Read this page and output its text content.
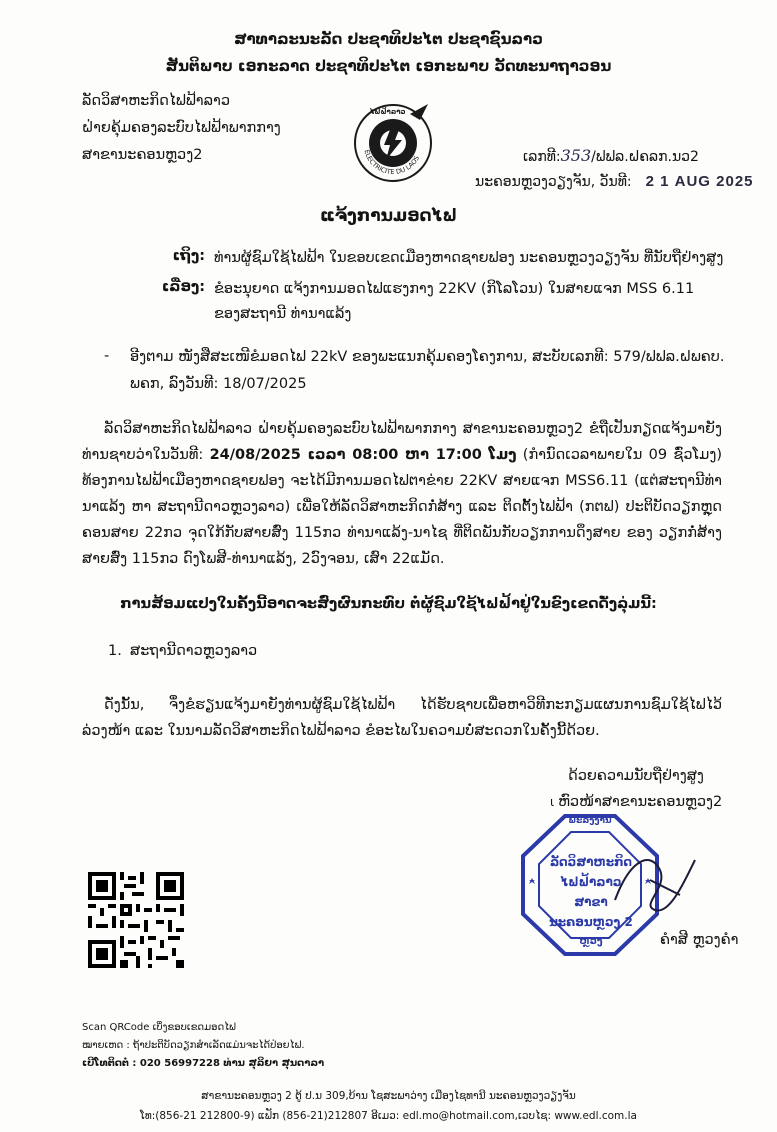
ສາທາລະນະລັດ ປະຊາທິປະໄຕ ປະຊາຊົນລາວ
ສັນຕິພາບ ເອກະລາດ ປະຊາທິປະໄຕ ເອກະພາບ ວັດທະນາຖາວອນ
ລັດວິສາຫະກິດໄຟຟ້າລາວ
ຝ່າຍຄຸ້ມຄອງລະບົບໄຟຟ້າພາກກາງ
ສາຂານະຄອນຫຼວງ2	ELECTRICITE DU LAOS
ໄຟຟ້າລາວ
ເລກທີ:353/ຟຟລ.ຝຄລກ.ນວ2
ນະຄອນຫຼວງວຽງຈັນ, ວັນທີ: 2 1 AUG 2025
ແຈ້ງການມອດໄຟ
ເຖິງ: ທ່ານຜູ້ຊົມໃຊ້ໄຟຟ້າ ໃນຂອບເຂດເມືອງຫາດຊາຍຟອງ ນະຄອນຫຼວງວຽງຈັນ ທີ່ນັບຖືຢ່າງສູງ
ເລື່ອງ: ຂໍອະນຸຍາດ ແຈ້ງການມອດໄຟແຮງກາງ 22KV (ກິໂລໂວນ) ໃນສາຍແຈກ MSS 6.11
ຂອງສະຖານີ ທ່ານາແລ້ງ
- ອີງຕາມ ໜັງສືສະເໜີຂໍມອດໄຟ 22kV ຂອງພະແນກຄຸ້ມຄອງໂຄງການ, ສະບັບເລກທີ: 579/ຟຟລ.ຝພຄບ.
ພຄກ, ລົງວັນທີ: 18/07/2025
ລັດວິສາຫະກິດໄຟຟ້າລາວ ຝ່າຍຄຸ້ມຄອງລະບົບໄຟຟ້າພາກກາງ ສາຂານະຄອນຫຼວງ2 ຂໍຖືເປັນກຽດແຈ້ງມາຍັງ ທ່ານຊາບວ່າໃນວັນທີ: 24/08/2025 ເວລາ 08:00 ຫາ 17:00 ໂມງ (ກຳນົດເວລາພາຍໃນ 09 ຊົ່ວໂມງ) ທ້ອງການໄຟຟ້າເມືອງຫາດຊາຍຟອງ ຈະໄດ້ມີການມອດໄຟຕາຂ່າຍ 22KV ສາຍແຈກ MSS6.11 (ແຕ່ສະຖານີທ່ານາແລ້ງ ຫາ ສະຖານີດາວຫຼວງລາວ) ເພື່ອໃຫ້ລັດວິສາຫະກິດກໍ່ສ້າງ ແລະ ຕິດຕັ້ງໄຟຟ້າ (ກຕຟ) ປະຕິບັດວຽກຫຼຸດຄອນສາຍ 22ກວ ຈຸດໃກ້ກັບສາຍສົ່ງ 115ກວ ທ່ານາແລ້ງ-ນາໄຊ ທີ່ຕິດພັນກັບວຽກການດຶງສາຍ ຂອງ ວຽກກໍ່ສ້າງສາຍສົ່ງ 115ກວ ດົງໂພສີ-ທ່ານາແລ້ງ, 2ວົງຈອນ, ເສົາ 22ແມັດ.
ການສ້ອມແປງໃນຄັ້ງນີ້ອາດຈະສົ່ງຜົນກະທົບ ຕໍ່ຜູ້ຊົມໃຊ້ໄຟຟ້າຢູ່ໃນຂົງເຂດດັ່ງລຸ່ມນີ້:
1. ສະຖານີດາວຫຼວງລາວ
ດັ່ງນັ້ນ, ຈຶ່ງຂໍຮຽນແຈ້ງມາຍັງທ່ານຜູ້ຊົມໃຊ້ໄຟຟ້າ ໄດ້ຮັບຊາບເພື່ອຫາວິທີກະກຽມແຜນການຊົມໃຊ້ໄຟໄວ້ລ່ວງໜ້າ ແລະ ໃນນາມລັດວິສາຫະກິດໄຟຟ້າລາວ ຂໍອະໄພໃນຄວາມບໍ່ສະດວກໃນຄັ້ງນີ້ດ້ວຍ.
ດ້ວຍຄວາມນັບຖືຢ່າງສູງ
ɩ ຫົວໜ້າສາຂານະຄອນຫຼວງ2
ພະລັງງານ
ລັດວິສາຫະກິດ
ໄຟຟ້າລາວ ສາຂາ
ນະຄອນຫຼວງ 2
ຫຼວງ	ຄຳສີ ຫຼວງຄຳ
Scan QRCode ເບິ່ງຂອບເຂດມອດໄຟ
ໝາຍເຫດ : ຖ້າປະຕິບັດວຽກສຳເລັດແມ່ນຈະໄດ້ປ່ອຍໄຟ.
ເບີໂທຕິດຕໍ່ : 020 56997228 ທ່ານ ສຸລິຍາ ສຸນດາລາ
ສາຂານະຄອນຫຼວງ 2 ຕູ້ ປ.ນ 309,ບ້ານ ໂຊສະພາວ່າງ ເມືອງໄຊທານີ ນະຄອນຫຼວງວຽງຈັນ
ໂທ:(856-21 212800-9) ແຟັກ (856-21)212807 ອີເມວ: edl.mo@hotmail.com,ເວບໄຊ: www.edl.com.la
